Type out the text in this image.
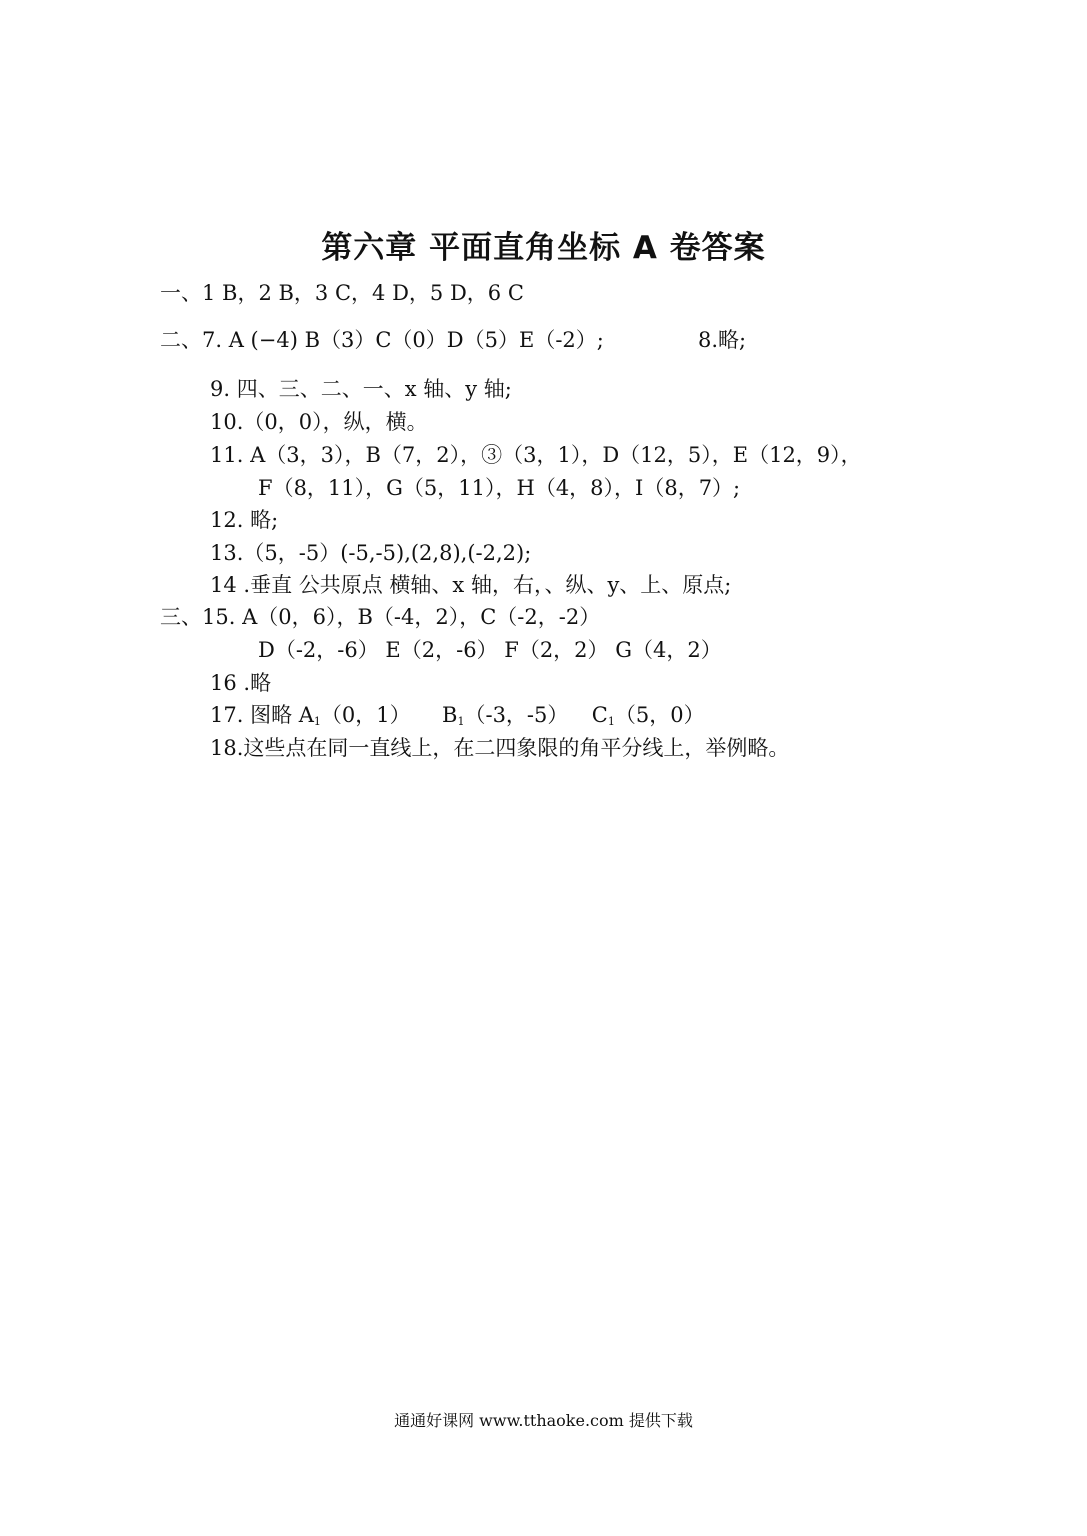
第六章 平面直角坐标 A 卷答案
一、1 B，2 B，3 C，4 D，5 D，6 C
二、7. A (−4) B（3）C（0）D（5）E（-2）;	8.略;
9. 四、三、二、一、x 轴、y 轴;
10.（0，0），纵，横。
11. A（3，3），B（7，2），③（3，1），D（12，5），E（12，9），
F（8，11），G（5，11），H（4，8），I（8，7）;
12. 略;
13.（5，-5）(-5,-5),(2,8),(-2,2);
14 .垂直 公共原点 横轴、x 轴，右，、纵、y、上、原点;
三、15. A（0，6），B（-4，2），C（-2，-2）
D（-2，-6） E（2，-6） F（2，2） G（4，2）
16 .略
17. 图略 $A_1(0$，1） $B_1(-3$，-5） $C_1(5$，0）
18.这些点在同一直线上，在二四象限的角平分线上，举例略。
通通好课网 www.tthaoke.com 提供下载
